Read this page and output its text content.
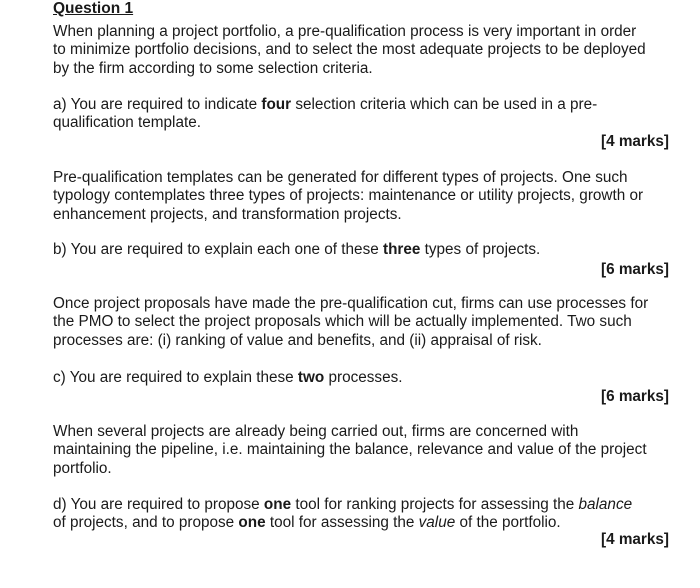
Question 1

When planning a project portfolio, a pre-qualification process is very important in order
to minimize portfolio decisions, and to select the most adequate projects to be deployed
by the firm according to some selection criteria.

a) You are required to indicate four selection criteria which can be used in a pre-
qualification template.

[4 marks]

Pre-qualification templates can be generated for different types of projects. One such
typology contemplates three types of projects: maintenance or utility projects, growth or
enhancement projects, and transformation projects.

b) You are required to explain each one of these three types of projects.

[6 marks]

Once project proposals have made the pre-qualification cut, firms can use processes for
the PMO to select the project proposals which will be actually implemented. Two such
processes are: (i) ranking of value and benefits, and (ii) appraisal of risk.

c) You are required to explain these two processes.

[6 marks]

When several projects are already being carried out, firms are concerned with
maintaining the pipeline, i.e. maintaining the balance, relevance and value of the project
portfolio.

d) You are required to propose one tool for ranking projects for assessing the balance
of projects, and to propose one tool for assessing the value of the portfolio.

[4 marks]
